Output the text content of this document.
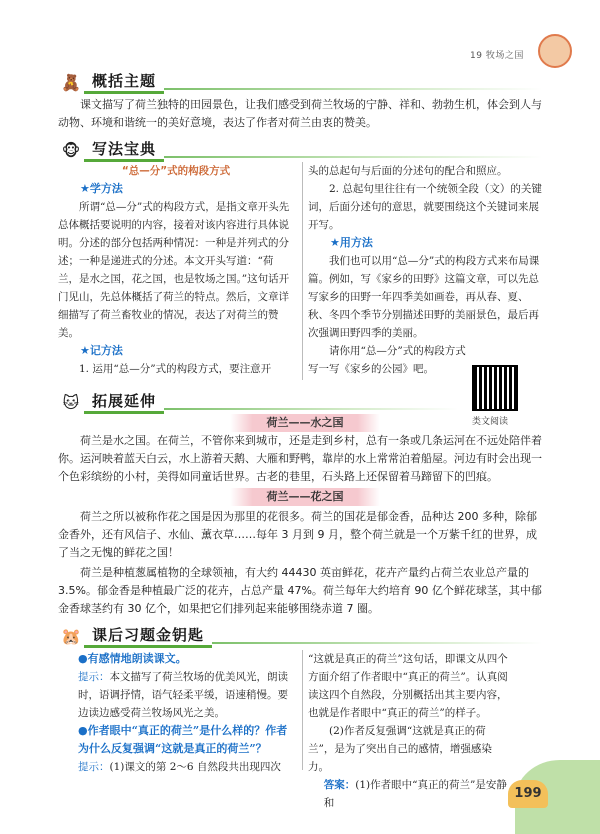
19 牧场之国
🧸 概括主题
课文描写了荷兰独特的田园景色，让我们感受到荷兰牧场的宁静、祥和、勃勃生机，体会到人与动物、环境和谐统一的美好意境，表达了作者对荷兰由衷的赞美。
🐵 写法宝典
“总—分”式的构段方式
★学方法

所谓“总—分”式的构段方式，是指文章开头先总体概括要说明的内容，接着对该内容进行具体说明。分述的部分包括两种情况：一种是并列式的分述；一种是递进式的分述。本文开头写道：“荷兰，是水之国，花之国，也是牧场之国。”这句话开门见山，先总体概括了荷兰的特点。然后，文章详细描写了荷兰畜牧业的情况，表达了对荷兰的赞美。

★记方法

1. 运用“总—分”式的构段方式，要注意开

头的总起句与后面的分述句的配合和照应。

2. 总起句里往往有一个统领全段（文）的关键词，后面分述句的意思，就要围绕这个关键词来展开写。

★用方法

我们也可以用“总—分”式的构段方式来布局课篇。例如，写《家乡的田野》这篇文章，可以先总写家乡的田野一年四季美如画卷，再从春、夏、秋、冬四个季节分别描述田野的美丽景色，最后再次强调田野四季的美丽。

请你用“总—分”式的构段方式写一写《家乡的公园》吧。

类文阅读
🐱 拓展延伸
荷兰——水之国
荷兰是水之国。在荷兰，不管你来到城市，还是走到乡村，总有一条或几条运河在不远处陪伴着你。运河映着蓝天白云，水上游着天鹅、大雁和野鸭，靠岸的水上常常泊着船屋。河边有时会出现一个色彩缤纷的小村，美得如同童话世界。古老的巷里，石头路上还保留着马蹄留下的凹痕。
荷兰——花之国
荷兰之所以被称作花之国是因为那里的花很多。荷兰的国花是郁金香，品种达 200 多种，除郁金香外，还有风信子、水仙、薰衣草……每年 3 月到 9 月，整个荷兰就是一个万紫千红的世界，成了当之无愧的鲜花之国！
荷兰是种植葱属植物的全球领袖，有大约 44430 英亩鲜花，花卉产量约占荷兰农业总产量的 3.5%。郁金香是种植最广泛的花卉，占总产量 47%。荷兰每年大约培育 90 亿个鲜花球茎，其中郁金香球茎约有 30 亿个，如果把它们排列起来能够围绕赤道 7 圈。
🐹 课后习题金钥匙
●有感情地朗读课文。
提示：本文描写了荷兰牧场的优美风光，朗读时，语调抒情，语气轻柔平缓，语速稍慢。要边读边感受荷兰牧场风光之美。
●作者眼中“真正的荷兰”是什么样的？作者为什么反复强调“这就是真正的荷兰”？
提示：(1)课文的第 2～6 自然段共出现四次
“这就是真正的荷兰”这句话，即课文从四个方面介绍了作者眼中“真正的荷兰”。认真阅读这四个自然段，分别概括出其主要内容，也就是作者眼中“真正的荷兰”的样子。

(2)作者反复强调“这就是真正的荷兰”，是为了突出自己的感情，增强感染力。

答案：(1)作者眼中“真正的荷兰”是安静和
199
